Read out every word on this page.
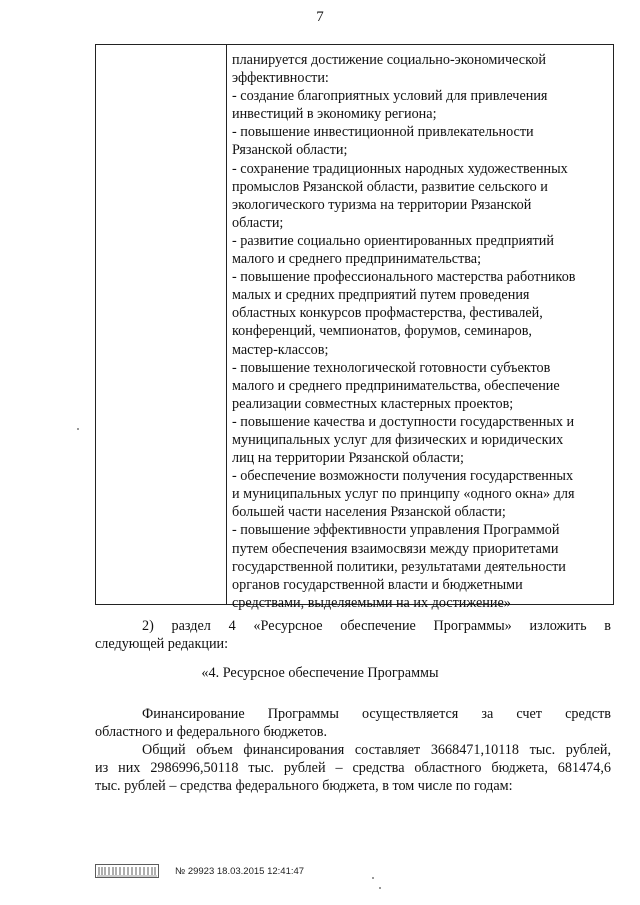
7
планируется достижение социально-экономической
эффективности:
- создание благоприятных условий для привлечения
инвестиций в экономику региона;
- повышение инвестиционной привлекательности
Рязанской области;
- сохранение традиционных народных художественных
промыслов Рязанской области, развитие сельского и
экологического туризма на территории Рязанской
области;
- развитие социально ориентированных предприятий
малого и среднего предпринимательства;
- повышение профессионального мастерства работников
малых и средних предприятий путем проведения
областных конкурсов профмастерства, фестивалей,
конференций, чемпионатов, форумов, семинаров,
мастер-классов;
- повышение технологической готовности субъектов
малого и среднего предпринимательства, обеспечение
реализации совместных кластерных проектов;
- повышение качества и доступности государственных и
муниципальных услуг для физических и юридических
лиц на территории Рязанской области;
- обеспечение возможности получения государственных
и муниципальных услуг по принципу «одного окна» для
большей части населения Рязанской области;
- повышение эффективности управления Программой
путем обеспечения взаимосвязи между приоритетами
государственной политики, результатами деятельности
органов государственной власти и бюджетными
средствами, выделяемыми на их достижение»
2) раздел 4 «Ресурсное обеспечение Программы» изложить в
следующей редакции:
«4. Ресурсное обеспечение Программы
Финансирование Программы осуществляется за счет средств
областного и федерального бюджетов.
Общий объем финансирования составляет 3668471,10118 тыс. рублей,
из них 2986996,50118 тыс. рублей – средства областного бюджета, 681474,6
тыс. рублей – средства федерального бюджета, в том числе по годам:
№ 29923 18.03.2015 12:41:47
